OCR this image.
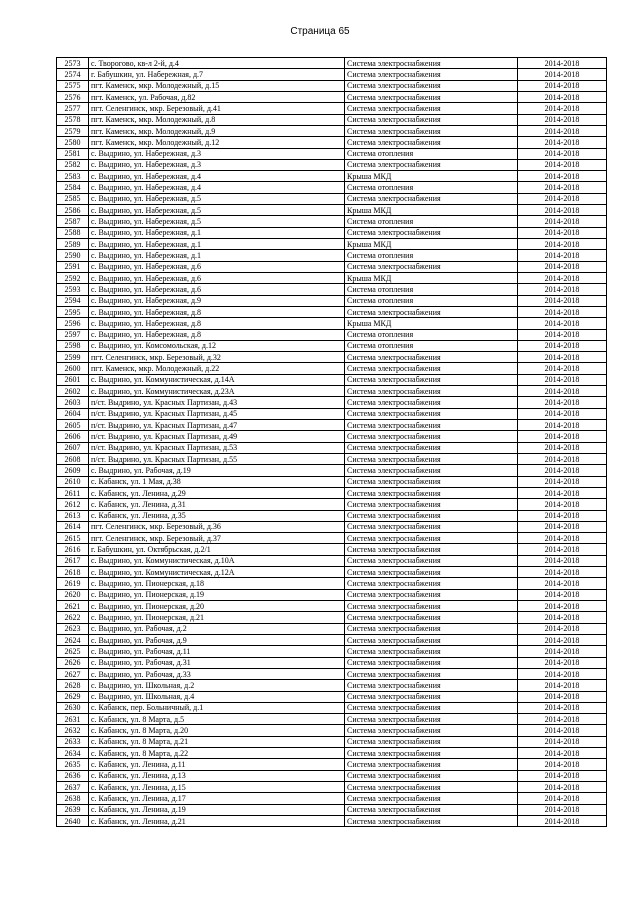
Страница 65
2573	с. Творогово, кв-л 2-й, д.4	Система электроснабжения	2014-2018
2574	г. Бабушкин, ул. Набережная, д.7	Система электроснабжения	2014-2018
2575	пгт. Каменск, мкр. Молодежный, д.15	Система электроснабжения	2014-2018
2576	пгт. Каменск, ул. Рабочая, д.82	Система электроснабжения	2014-2018
2577	пгт. Селенгинск, мкр. Березовый, д.41	Система электроснабжения	2014-2018
2578	пгт. Каменск, мкр. Молодежный, д.8	Система электроснабжения	2014-2018
2579	пгт. Каменск, мкр. Молодежный, д.9	Система электроснабжения	2014-2018
2580	пгт. Каменск, мкр. Молодежный, д.12	Система электроснабжения	2014-2018
2581	с. Выдрино, ул. Набережная, д.3	Система отопления	2014-2018
2582	с. Выдрино, ул. Набережная, д.3	Система электроснабжения	2014-2018
2583	с. Выдрино, ул. Набережная, д.4	Крыша МКД	2014-2018
2584	с. Выдрино, ул. Набережная, д.4	Система отопления	2014-2018
2585	с. Выдрино, ул. Набережная, д.5	Система электроснабжения	2014-2018
2586	с. Выдрино, ул. Набережная, д.5	Крыша МКД	2014-2018
2587	с. Выдрино, ул. Набережная, д.5	Система отопления	2014-2018
2588	с. Выдрино, ул. Набережная, д.1	Система электроснабжения	2014-2018
2589	с. Выдрино, ул. Набережная, д.1	Крыша МКД	2014-2018
2590	с. Выдрино, ул. Набережная, д.1	Система отопления	2014-2018
2591	с. Выдрино, ул. Набережная, д.6	Система электроснабжения	2014-2018
2592	с. Выдрино, ул. Набережная, д.6	Крыша МКД	2014-2018
2593	с. Выдрино, ул. Набережная, д.6	Система отопления	2014-2018
2594	с. Выдрино, ул. Набережная, д.9	Система отопления	2014-2018
2595	с. Выдрино, ул. Набережная, д.8	Система электроснабжения	2014-2018
2596	с. Выдрино, ул. Набережная, д.8	Крыша МКД	2014-2018
2597	с. Выдрино, ул. Набережная, д.8	Система отопления	2014-2018
2598	с. Выдрино, ул. Комсомольская, д.12	Система отопления	2014-2018
2599	пгт. Селенгинск, мкр. Березовый, д.32	Система электроснабжения	2014-2018
2600	пгт. Каменск, мкр. Молодежный, д.22	Система электроснабжения	2014-2018
2601	с. Выдрино, ул. Коммунистическая, д.14А	Система электроснабжения	2014-2018
2602	с. Выдрино, ул. Коммунистическая, д.23А	Система электроснабжения	2014-2018
2603	п/ст. Выдрино, ул. Красных Партизан, д.43	Система электроснабжения	2014-2018
2604	п/ст. Выдрино, ул. Красных Партизан, д.45	Система электроснабжения	2014-2018
2605	п/ст. Выдрино, ул. Красных Партизан, д.47	Система электроснабжения	2014-2018
2606	п/ст. Выдрино, ул. Красных Партизан, д.49	Система электроснабжения	2014-2018
2607	п/ст. Выдрино, ул. Красных Партизан, д.53	Система электроснабжения	2014-2018
2608	п/ст. Выдрино, ул. Красных Партизан, д.55	Система электроснабжения	2014-2018
2609	с. Выдрино, ул. Рабочая, д.19	Система электроснабжения	2014-2018
2610	с. Кабанск, ул. 1 Мая, д.38	Система электроснабжения	2014-2018
2611	с. Кабанск, ул. Ленина, д.29	Система электроснабжения	2014-2018
2612	с. Кабанск, ул. Ленина, д.31	Система электроснабжения	2014-2018
2613	с. Кабанск, ул. Ленина, д.35	Система электроснабжения	2014-2018
2614	пгт. Селенгинск, мкр. Березовый, д.36	Система электроснабжения	2014-2018
2615	пгт. Селенгинск, мкр. Березовый, д.37	Система электроснабжения	2014-2018
2616	г. Бабушкин, ул. Октябрьская, д.2/1	Система электроснабжения	2014-2018
2617	с. Выдрино, ул. Коммунистическая, д.10А	Система электроснабжения	2014-2018
2618	с. Выдрино, ул. Коммунистическая, д.12А	Система электроснабжения	2014-2018
2619	с. Выдрино, ул. Пионерская, д.18	Система электроснабжения	2014-2018
2620	с. Выдрино, ул. Пионерская, д.19	Система электроснабжения	2014-2018
2621	с. Выдрино, ул. Пионерская, д.20	Система электроснабжения	2014-2018
2622	с. Выдрино, ул. Пионерская, д.21	Система электроснабжения	2014-2018
2623	с. Выдрино, ул. Рабочая, д.2	Система электроснабжения	2014-2018
2624	с. Выдрино, ул. Рабочая, д.9	Система электроснабжения	2014-2018
2625	с. Выдрино, ул. Рабочая, д.11	Система электроснабжения	2014-2018
2626	с. Выдрино, ул. Рабочая, д.31	Система электроснабжения	2014-2018
2627	с. Выдрино, ул. Рабочая, д.33	Система электроснабжения	2014-2018
2628	с. Выдрино, ул. Школьная, д.2	Система электроснабжения	2014-2018
2629	с. Выдрино, ул. Школьная, д.4	Система электроснабжения	2014-2018
2630	с. Кабанск, пер. Больничный, д.1	Система электроснабжения	2014-2018
2631	с. Кабанск, ул. 8 Марта, д.5	Система электроснабжения	2014-2018
2632	с. Кабанск, ул. 8 Марта, д.20	Система электроснабжения	2014-2018
2633	с. Кабанск, ул. 8 Марта, д.21	Система электроснабжения	2014-2018
2634	с. Кабанск, ул. 8 Марта, д.22	Система электроснабжения	2014-2018
2635	с. Кабанск, ул. Ленина, д.11	Система электроснабжения	2014-2018
2636	с. Кабанск, ул. Ленина, д.13	Система электроснабжения	2014-2018
2637	с. Кабанск, ул. Ленина, д.15	Система электроснабжения	2014-2018
2638	с. Кабанск, ул. Ленина, д.17	Система электроснабжения	2014-2018
2639	с. Кабанск, ул. Ленина, д.19	Система электроснабжения	2014-2018
2640	с. Кабанск, ул. Ленина, д.21	Система электроснабжения	2014-2018
